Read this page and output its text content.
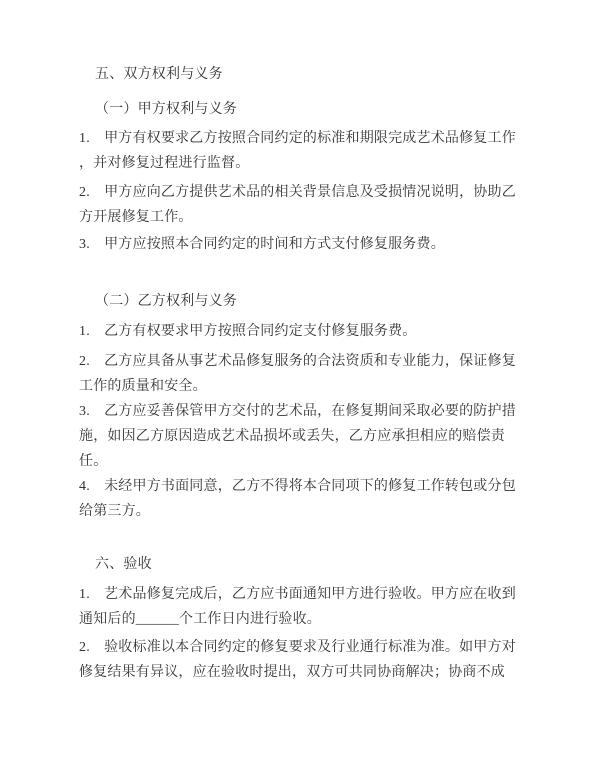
五、双方权利与义务
（一）甲方权利与义务
1.　甲方有权要求乙方按照合同约定的标准和期限完成艺术品修复工作
，并对修复过程进行监督。
2.　甲方应向乙方提供艺术品的相关背景信息及受损情况说明，协助乙
方开展修复工作。
3.　甲方应按照本合同约定的时间和方式支付修复服务费。
（二）乙方权利与义务
1.　乙方有权要求甲方按照合同约定支付修复服务费。
2.　乙方应具备从事艺术品修复服务的合法资质和专业能力，保证修复
工作的质量和安全。
3.　乙方应妥善保管甲方交付的艺术品，在修复期间采取必要的防护措
施，如因乙方原因造成艺术品损坏或丢失，乙方应承担相应的赔偿责
任。
4.　未经甲方书面同意，乙方不得将本合同项下的修复工作转包或分包
给第三方。
六、验收
1.　艺术品修复完成后，乙方应书面通知甲方进行验收。甲方应在收到
通知后的______个工作日内进行验收。
2.　验收标准以本合同约定的修复要求及行业通行标准为准。如甲方对
修复结果有异议，应在验收时提出，双方可共同协商解决；协商不成
